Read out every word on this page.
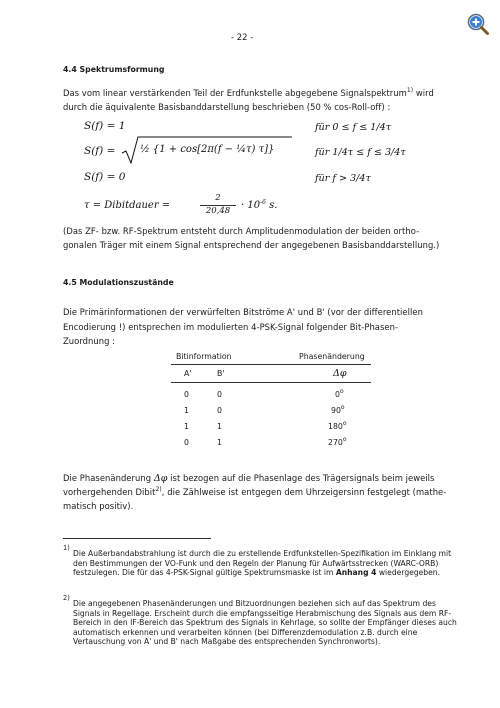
- 22 -
4.4 Spektrumsformung
Das vom linear verstärkenden Teil der Erdfunkstelle abgegebene Signalspektrum$^{1)}$ wird
durch die äquivalente Basisbanddarstellung beschrieben (50 % cos-Roll-off) :
S(f) = 1
S(f) = ½ {1 + cos[2π(f − ¼τ) τ]}
S(f) = 0
für 0 ≤ f ≤ 1/4τ
für 1/4τ ≤ f ≤ 3/4τ
für f > 3/4τ
τ = Dibitdauer =
2
20,48	· $10^{-6}$ s.
(Das ZF- bzw. RF-Spektrum entsteht durch Amplitudenmodulation der beiden ortho-
gonalen Träger mit einem Signal entsprechend der angegebenen Basisbanddarstellung.)
4.5 Modulationszustände
Die Primärinformationen der verwürfelten Bitströme A' und B' (vor der differentiellen
Encodierung !) entsprechen im modulierten 4-PSK-Signal folgender Bit-Phasen-
Zuordnung :
Bitinformation	Phasenänderung
A'	B'	Δφ
0	0	0$^o$
1	0	90$^o$
1	1	180$^o$
0	1	270$^o$
Die Phasenänderung Δφ ist bezogen auf die Phasenlage des Trägersignals beim jeweils
vorhergehenden Dibit$^{2)}$, die Zählweise ist entgegen dem Uhrzeigersinn festgelegt (mathe-
matisch positiv).
1)
Die Außerbandabstrahlung ist durch die zu erstellende Erdfunkstellen-Spezifikation im Einklang mit den Bestimmungen der VO-Funk und den Regeln der Planung für Aufwärtsstrecken (WARC-ORB) festzulegen. Die für das 4-PSK-Signal gültige Spektrumsmaske ist im Anhang 4 wiedergegeben.
2)
Die angegebenen Phasenänderungen und Bitzuordnungen beziehen sich auf das Spektrum des Signals in Regellage. Erscheint durch die empfangsseitige Herabmischung des Signals aus dem RF-Bereich in den IF-Bereich das Spektrum des Signals in Kehrlage, so sollte der Empfänger dieses auch automatisch erkennen und verarbeiten können (bei Differenzdemodulation z.B. durch eine Vertauschung von A' und B' nach Maßgabe des entsprechenden Synchronworts).
